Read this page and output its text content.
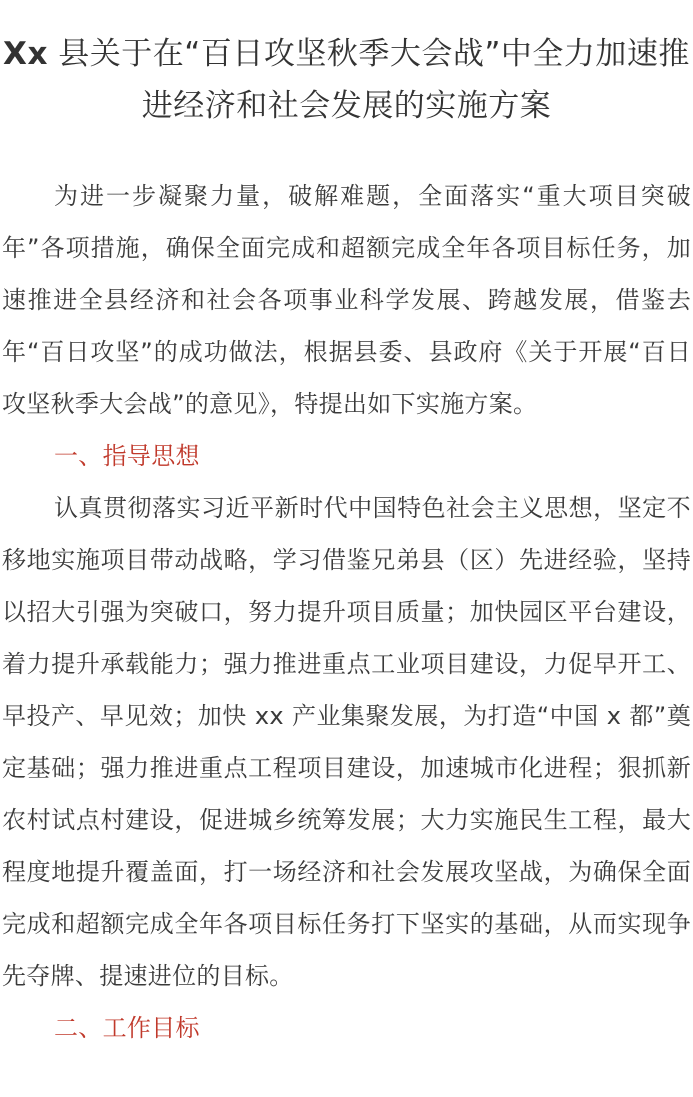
Xx 县关于在“百日攻坚秋季大会战”中全力加速推进经济和社会发展的实施方案

为进一步凝聚力量，破解难题，全面落实“重大项目突破年”各项措施，确保全面完成和超额完成全年各项目标任务，加速推进全县经济和社会各项事业科学发展、跨越发展，借鉴去年“百日攻坚”的成功做法，根据县委、县政府《关于开展“百日攻坚秋季大会战”的意见》，特提出如下实施方案。

一、指导思想

认真贯彻落实习近平新时代中国特色社会主义思想，坚定不移地实施项目带动战略，学习借鉴兄弟县（区）先进经验，坚持以招大引强为突破口，努力提升项目质量；加快园区平台建设，着力提升承载能力；强力推进重点工业项目建设，力促早开工、早投产、早见效；加快 xx 产业集聚发展，为打造“中国 x 都”奠定基础；强力推进重点工程项目建设，加速城市化进程；狠抓新农村试点村建设，促进城乡统筹发展；大力实施民生工程，最大程度地提升覆盖面，打一场经济和社会发展攻坚战，为确保全面完成和超额完成全年各项目标任务打下坚实的基础，从而实现争先夺牌、提速进位的目标。

二、工作目标
